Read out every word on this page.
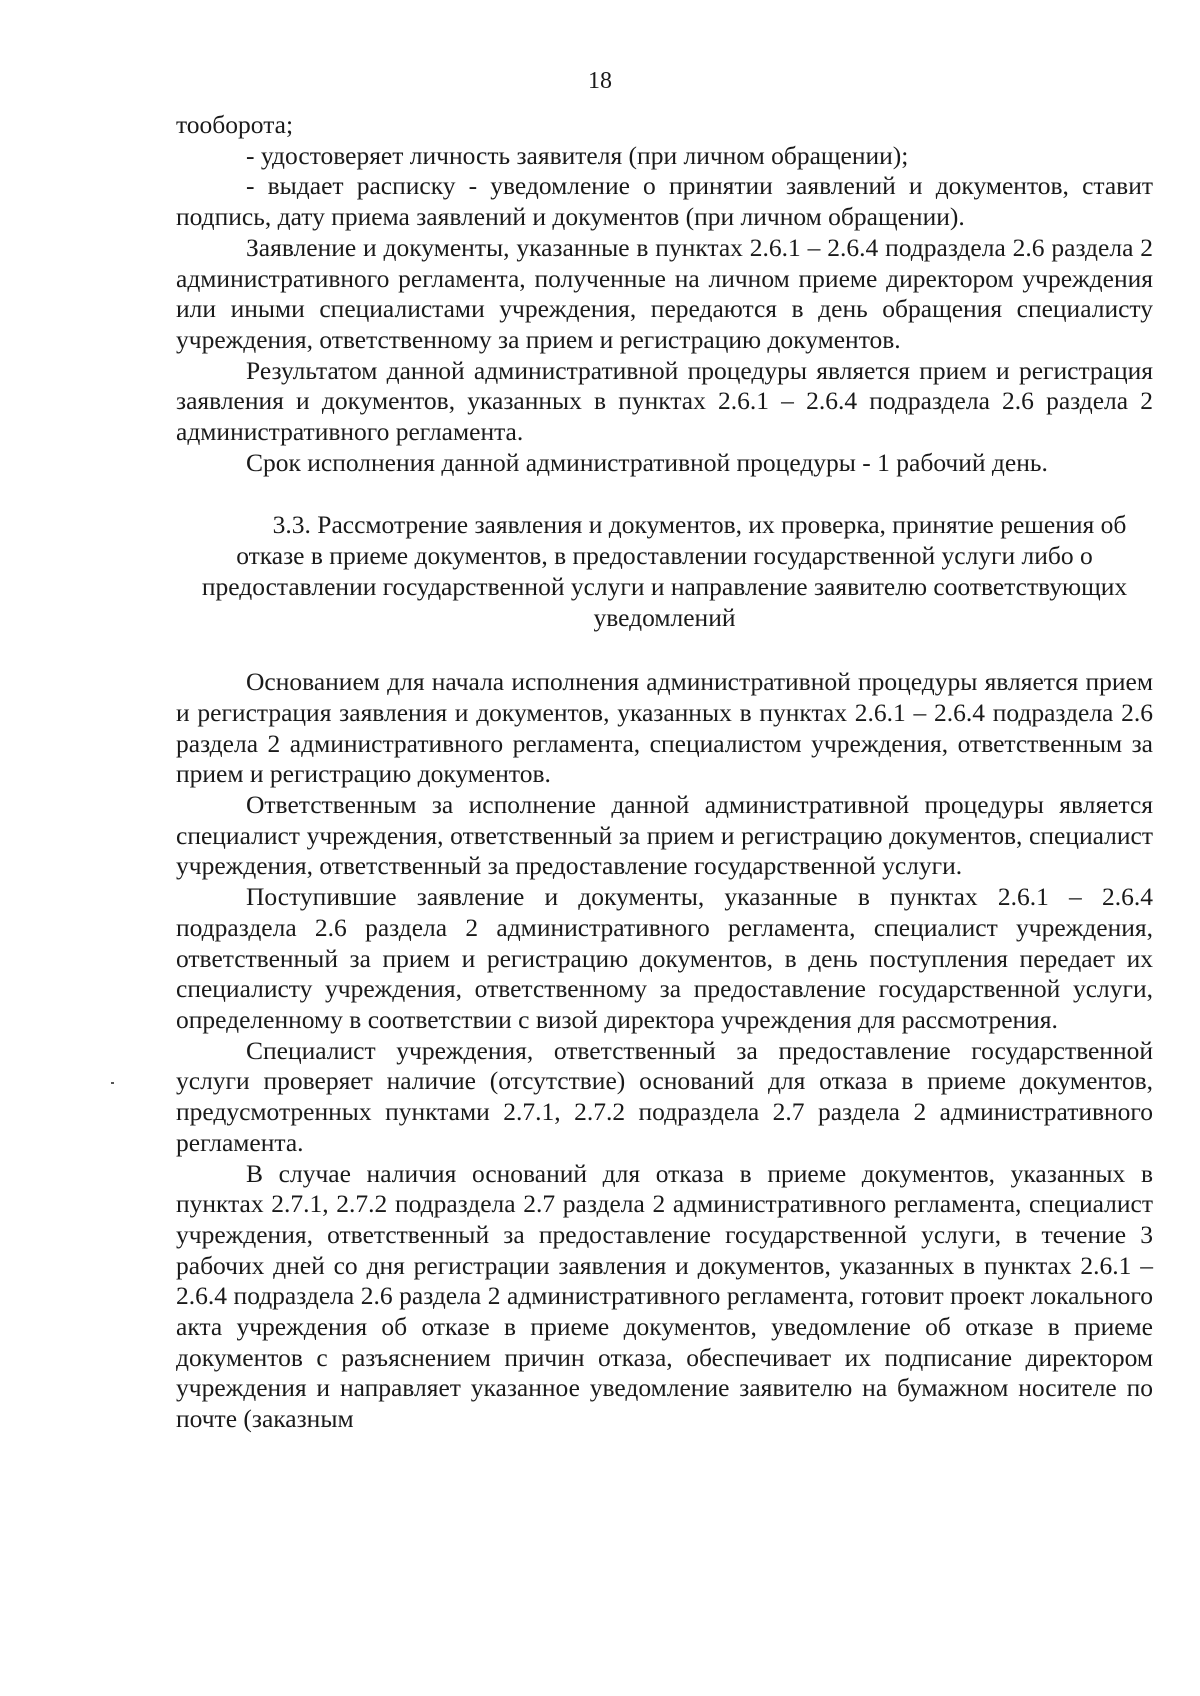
18

тооборота;

- удостоверяет личность заявителя (при личном обращении);

- выдает расписку - уведомление о принятии заявлений и документов, ставит подпись, дату приема заявлений и документов (при личном обращении).

Заявление и документы, указанные в пунктах 2.6.1 – 2.6.4 подраздела 2.6 раздела 2 административного регламента, полученные на личном приеме директором учреждения или иными специалистами учреждения, передаются в день обращения специалисту учреждения, ответственному за прием и регистрацию документов.

Результатом данной административной процедуры является прием и регистрация заявления и документов, указанных в пунктах 2.6.1 – 2.6.4 подраздела 2.6 раздела 2 административного регламента.

Срок исполнения данной административной процедуры - 1 рабочий день.

3.3. Рассмотрение заявления и документов, их проверка, принятие решения об отказе в приеме документов, в предоставлении государственной услуги либо о предоставлении государственной услуги и направление заявителю соответствующих уведомлений

Основанием для начала исполнения административной процедуры является прием и регистрация заявления и документов, указанных в пунктах 2.6.1 – 2.6.4 подраздела 2.6 раздела 2 административного регламента, специалистом учреждения, ответственным за прием и регистрацию документов.

Ответственным за исполнение данной административной процедуры является специалист учреждения, ответственный за прием и регистрацию документов, специалист учреждения, ответственный за предоставление государственной услуги.

Поступившие заявление и документы, указанные в пунктах 2.6.1 – 2.6.4 подраздела 2.6 раздела 2 административного регламента, специалист учреждения, ответственный за прием и регистрацию документов, в день поступления передает их специалисту учреждения, ответственному за предоставление государственной услуги, определенному в соответствии с визой директора учреждения для рассмотрения.

Специалист учреждения, ответственный за предоставление государственной услуги проверяет наличие (отсутствие) оснований для отказа в приеме документов, предусмотренных пунктами 2.7.1, 2.7.2 подраздела 2.7 раздела 2 административного регламента.

В случае наличия оснований для отказа в приеме документов, указанных в пунктах 2.7.1, 2.7.2 подраздела 2.7 раздела 2 административного регламента, специалист учреждения, ответственный за предоставление государственной услуги, в течение 3 рабочих дней со дня регистрации заявления и документов, указанных в пунктах 2.6.1 – 2.6.4 подраздела 2.6 раздела 2 административного регламента, готовит проект локального акта учреждения об отказе в приеме документов, уведомление об отказе в приеме документов с разъяснением причин отказа, обеспечивает их подписание директором учреждения и направляет указанное уведомление заявителю на бумажном носителе по почте (заказным
